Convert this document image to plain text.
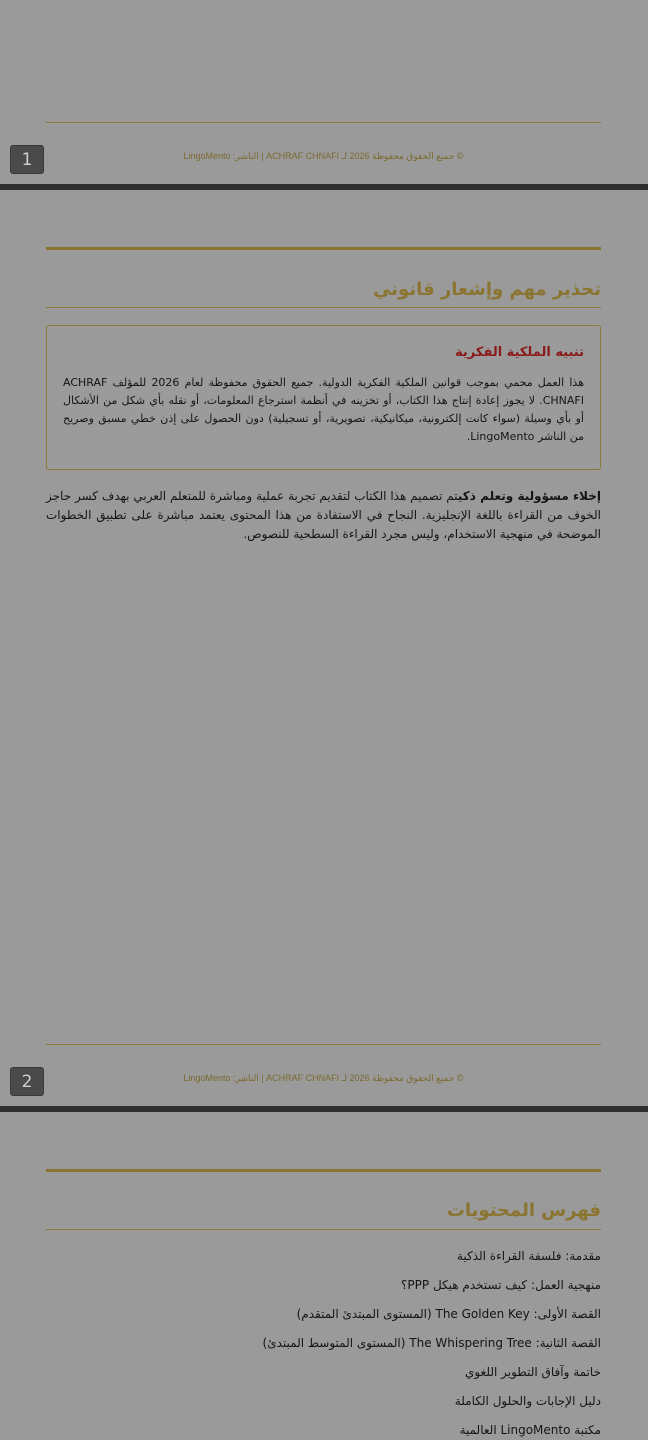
© جميع الحقوق محفوظة 2026 لـ ACHRAF CHNAFI | الناشر: LingoMento
1
تحذير مهم وإشعار قانوني
تنبيه الملكية الفكرية
هذا العمل محمي بموجب قوانين الملكية الفكرية الدولية. جميع الحقوق محفوظة لعام 2026 للمؤلف ACHRAF CHNAFI. لا يجوز إعادة إنتاج هذا الكتاب، أو تخزينه في أنظمة استرجاع المعلومات، أو نقله بأي شكل من الأشكال أو بأي وسيلة (سواء كانت إلكترونية، ميكانيكية، تصويرية، أو تسجيلية) دون الحصول على إذن خطي مسبق وصريح من الناشر LingoMento.
إخلاء مسؤولية وتعلم ذكيتم تصميم هذا الكتاب لتقديم تجربة عملية ومباشرة للمتعلم العربي بهدف كسر حاجز الخوف من القراءة باللغة الإنجليزية. النجاح في الاستفادة من هذا المحتوى يعتمد مباشرة على تطبيق الخطوات الموضحة في منهجية الاستخدام، وليس مجرد القراءة السطحية للنصوص.
© جميع الحقوق محفوظة 2026 لـ ACHRAF CHNAFI | الناشر: LingoMento
2
فهرس المحتويات
مقدمة: فلسفة القراءة الذكية
منهجية العمل: كيف تستخدم هيكل PPP؟
القصة الأولى: The Golden Key (المستوى المبتدئ المتقدم)
القصة الثانية: The Whispering Tree (المستوى المتوسط المبتدئ)
خاتمة وآفاق التطوير اللغوي
دليل الإجابات والحلول الكاملة
مكتبة LingoMento العالمية
